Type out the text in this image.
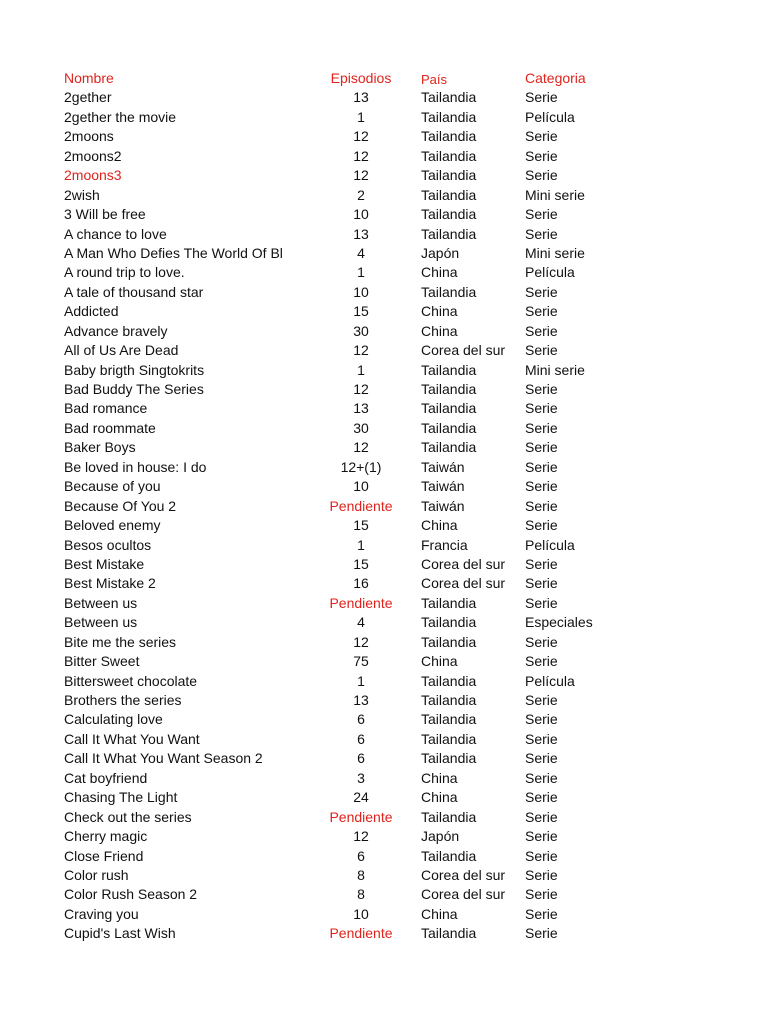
Nombre	Episodios	País	Categoria
2gether	13	Tailandia	Serie
2gether the movie	1	Tailandia	Película
2moons	12	Tailandia	Serie
2moons2	12	Tailandia	Serie
2moons3	12	Tailandia	Serie
2wish	2	Tailandia	Mini serie
3 Will be free	10	Tailandia	Serie
A chance to love	13	Tailandia	Serie
A Man Who Defies The World Of Bl	4	Japón	Mini serie
A round trip to love.	1	China	Película
A tale of thousand star	10	Tailandia	Serie
Addicted	15	China	Serie
Advance bravely	30	China	Serie
All of Us Are Dead	12	Corea del sur	Serie
Baby brigth Singtokrits	1	Tailandia	Mini serie
Bad Buddy The Series	12	Tailandia	Serie
Bad romance	13	Tailandia	Serie
Bad roommate	30	Tailandia	Serie
Baker Boys	12	Tailandia	Serie
Be loved in house: I do	12+(1)	Taiwán	Serie
Because of you	10	Taiwán	Serie
Because Of You 2	Pendiente	Taiwán	Serie
Beloved enemy	15	China	Serie
Besos ocultos	1	Francia	Película
Best Mistake	15	Corea del sur	Serie
Best Mistake 2	16	Corea del sur	Serie
Between us	Pendiente	Tailandia	Serie
Between us	4	Tailandia	Especiales
Bite me the series	12	Tailandia	Serie
Bitter Sweet	75	China	Serie
Bittersweet chocolate	1	Tailandia	Película
Brothers the series	13	Tailandia	Serie
Calculating love	6	Tailandia	Serie
Call It What You Want	6	Tailandia	Serie
Call It What You Want Season 2	6	Tailandia	Serie
Cat boyfriend	3	China	Serie
Chasing The Light	24	China	Serie
Check out the series	Pendiente	Tailandia	Serie
Cherry magic	12	Japón	Serie
Close Friend	6	Tailandia	Serie
Color rush	8	Corea del sur	Serie
Color Rush Season 2	8	Corea del sur	Serie
Craving you	10	China	Serie
Cupid's Last Wish	Pendiente	Tailandia	Serie
